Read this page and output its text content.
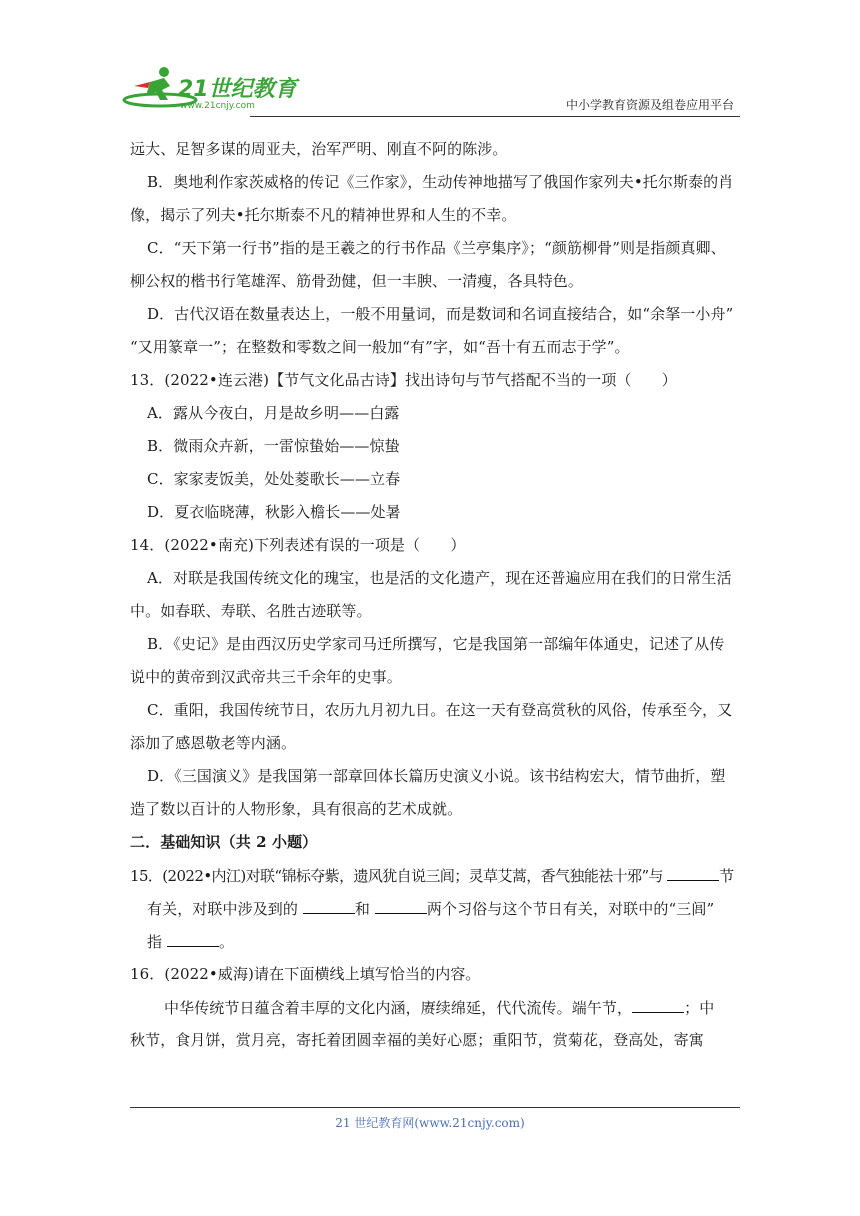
21世纪教育
www.21cnjy.com	中小学教育资源及组卷应用平台
远大、足智多谋的周亚夫，治军严明、刚直不阿的陈涉。
B．奥地利作家茨威格的传记《三作家》，生动传神地描写了俄国作家列夫•托尔斯泰的肖
像，揭示了列夫•托尔斯泰不凡的精神世界和人生的不幸。
C．“天下第一行书”指的是王羲之的行书作品《兰亭集序》；“颜筋柳骨”则是指颜真卿、
柳公权的楷书行笔雄浑、筋骨劲健，但一丰腴、一清瘦，各具特色。
D．古代汉语在数量表达上，一般不用量词，而是数词和名词直接结合，如“余拏一小舟”
“又用篆章一”；在整数和零数之间一般加“有”字，如“吾十有五而志于学”。
13．(2022•连云港)【节气文化品古诗】找出诗句与节气搭配不当的一项（　　）
A．露从今夜白，月是故乡明——白露
B．微雨众卉新，一雷惊蛰始——惊蛰
C．家家麦饭美，处处菱歌长——立春
D．夏衣临晓薄，秋影入檐长——处暑
14．(2022•南充)下列表述有误的一项是（　　）
A．对联是我国传统文化的瑰宝，也是活的文化遗产，现在还普遍应用在我们的日常生活
中。如春联、寿联、名胜古迹联等。
B．《史记》是由西汉历史学家司马迁所撰写，它是我国第一部编年体通史，记述了从传
说中的黄帝到汉武帝共三千余年的史事。
C．重阳，我国传统节日，农历九月初九日。在这一天有登高赏秋的风俗，传承至今，又
添加了感恩敬老等内涵。
D．《三国演义》是我国第一部章回体长篇历史演义小说。该书结构宏大，情节曲折，塑
造了数以百计的人物形象，具有很高的艺术成就。
二．基础知识（共 2 小题）
15．(2022•内江)对联“锦标夺紫，遗风犹自说三闾；灵草艾蒿，香气独能祛十邪”与	节
有关，对联中涉及到的	和	两个习俗与这个节日有关，对联中的“三闾”
指	。
16．(2022•威海)请在下面横线上填写恰当的内容。
中华传统节日蕴含着丰厚的文化内涵，赓续绵延，代代流传。端午节，	；中
秋节，食月饼，赏月亮，寄托着团圆幸福的美好心愿；重阳节，赏菊花，登高处，寄寓
21 世纪教育网(www.21cnjy.com)
